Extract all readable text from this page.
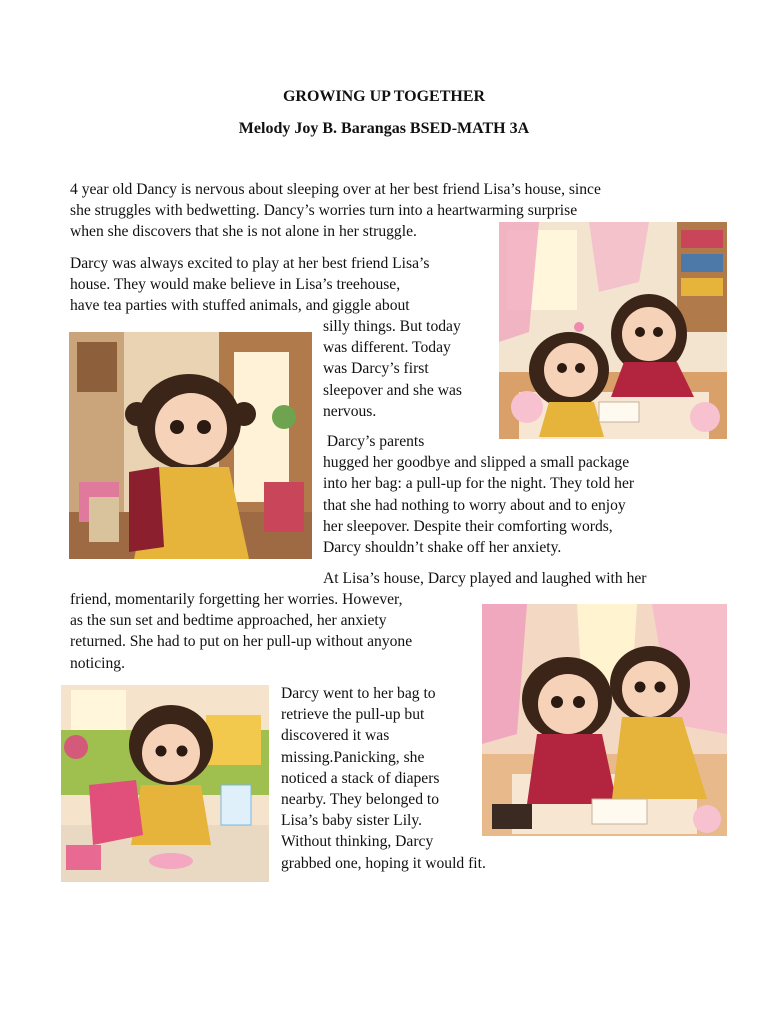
GROWING UP TOGETHER
Melody Joy B. Barangas BSED-MATH 3A
4 year old Dancy is nervous about sleeping over at her best friend Lisa’s house, since
she struggles with bedwetting. Dancy’s worries turn into a heartwarming surprise
when she discovers that she is not alone in her struggle.
Darcy was always excited to play at her best friend Lisa’s
house. They would make believe in Lisa’s treehouse,
have tea parties with stuffed animals, and giggle about
silly things. But today
was different. Today
was Darcy’s first
sleepover and she was
nervous.
Darcy’s parents
hugged her goodbye and slipped a small package
into her bag: a pull-up for the night. They told her
that she had nothing to worry about and to enjoy
her sleepover. Despite their comforting words,
Darcy shouldn’t shake off her anxiety.
At Lisa’s house, Darcy played and laughed with her
friend, momentarily forgetting her worries. However,
as the sun set and bedtime approached, her anxiety
returned. She had to put on her pull-up without anyone
noticing.
Darcy went to her bag to
retrieve the pull-up but
discovered it was
missing.Panicking, she
noticed a stack of diapers
nearby. They belonged to
Lisa’s baby sister Lily.
Without thinking, Darcy
grabbed one, hoping it would fit.
